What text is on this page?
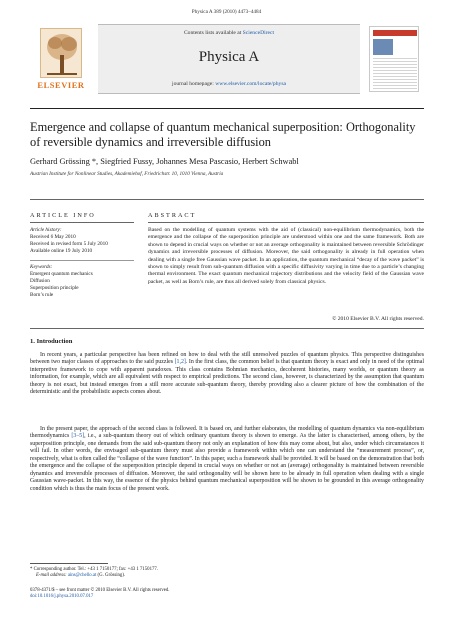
Physica A 389 (2010) 4473–4484
ELSEVIER
Contents lists available at ScienceDirect
Physica A
journal homepage: www.elsevier.com/locate/physa
Emergence and collapse of quantum mechanical superposition: Orthogonality of reversible dynamics and irreversible diffusion
Gerhard Grössing *, Siegfried Fussy, Johannes Mesa Pascasio, Herbert Schwabl
Austrian Institute for Nonlinear Studies, Akademiehof, Friedrichstr. 10, 1010 Vienna, Austria
ARTICLE INFO	ABSTRACT
Article history:
Received 6 May 2010
Received in revised form 5 July 2010
Available online 19 July 2010
Keywords:
Emergent quantum mechanics
Diffusion
Superposition principle
Born’s rule
Based on the modelling of quantum systems with the aid of (classical) non-equilibrium thermodynamics, both the emergence and the collapse of the superposition principle are understood within one and the same framework. Both are shown to depend in crucial ways on whether or not an average orthogonality is maintained between reversible Schrödinger dynamics and irreversible processes of diffusion. Moreover, the said orthogonality is already in full operation when dealing with a single free Gaussian wave packet. In an application, the quantum mechanical “decay of the wave packet” is shown to simply result from sub-quantum diffusion with a specific diffusivity varying in time due to a particle’s changing thermal environment. The exact quantum mechanical trajectory distributions and the velocity field of the Gaussian wave packet, as well as Born’s rule, are thus all derived solely from classical physics.
© 2010 Elsevier B.V. All rights reserved.
1. Introduction

In recent years, a particular perspective has been refined on how to deal with the still unresolved puzzles of quantum physics. This perspective distinguishes between two major classes of approaches to the said puzzles [1,2]. In the first class, the common belief is that quantum theory is exact and only in need of the optimal interpretive framework to cope with apparent paradoxes. This class contains Bohmian mechanics, decoherent histories, many worlds, or quantum theory as information, for example, which are all equivalent with respect to empirical predictions. The second class, however, is characterized by the assumption that quantum theory is not exact, but instead emerges from a still more accurate sub-quantum theory, thereby providing also a clearer picture of how the combination of the deterministic and the probabilistic aspects comes about.

In the present paper, the approach of the second class is followed. It is based on, and further elaborates, the modelling of quantum dynamics via non-equilibrium thermodynamics [3–5], i.e., a sub-quantum theory out of which ordinary quantum theory is shown to emerge. As the latter is characterised, among others, by the superposition principle, one demands from the said sub-quantum theory not only an explanation of how this may come about, but also, under which circumstances it will fail. In other words, the envisaged sub-quantum theory must also provide a framework within which one can understand the “measurement process”, or, respectively, what is often called the “collapse of the wave function”. In this paper, such a framework shall be provided. It will be based on the demonstration that both the emergence and the collapse of the superposition principle depend in crucial ways on whether or not an (average) orthogonality is maintained between reversible dynamics and irreversible processes of diffusion. Moreover, the said orthogonality will be shown here to be already in full operation when dealing with a single Gaussian wave-packet. In this way, the essence of the physics behind quantum mechanical superposition will be shown to be grounded in this average orthogonality condition which is thus the main focus of the present work.

* Corresponding author. Tel.: +43 1 7150177; fax: +43 1 7150177.
E-mail address: ains@chello.at (G. Grössing).
0378-4371/$ – see front matter © 2010 Elsevier B.V. All rights reserved.
doi:10.1016/j.physa.2010.07.017
